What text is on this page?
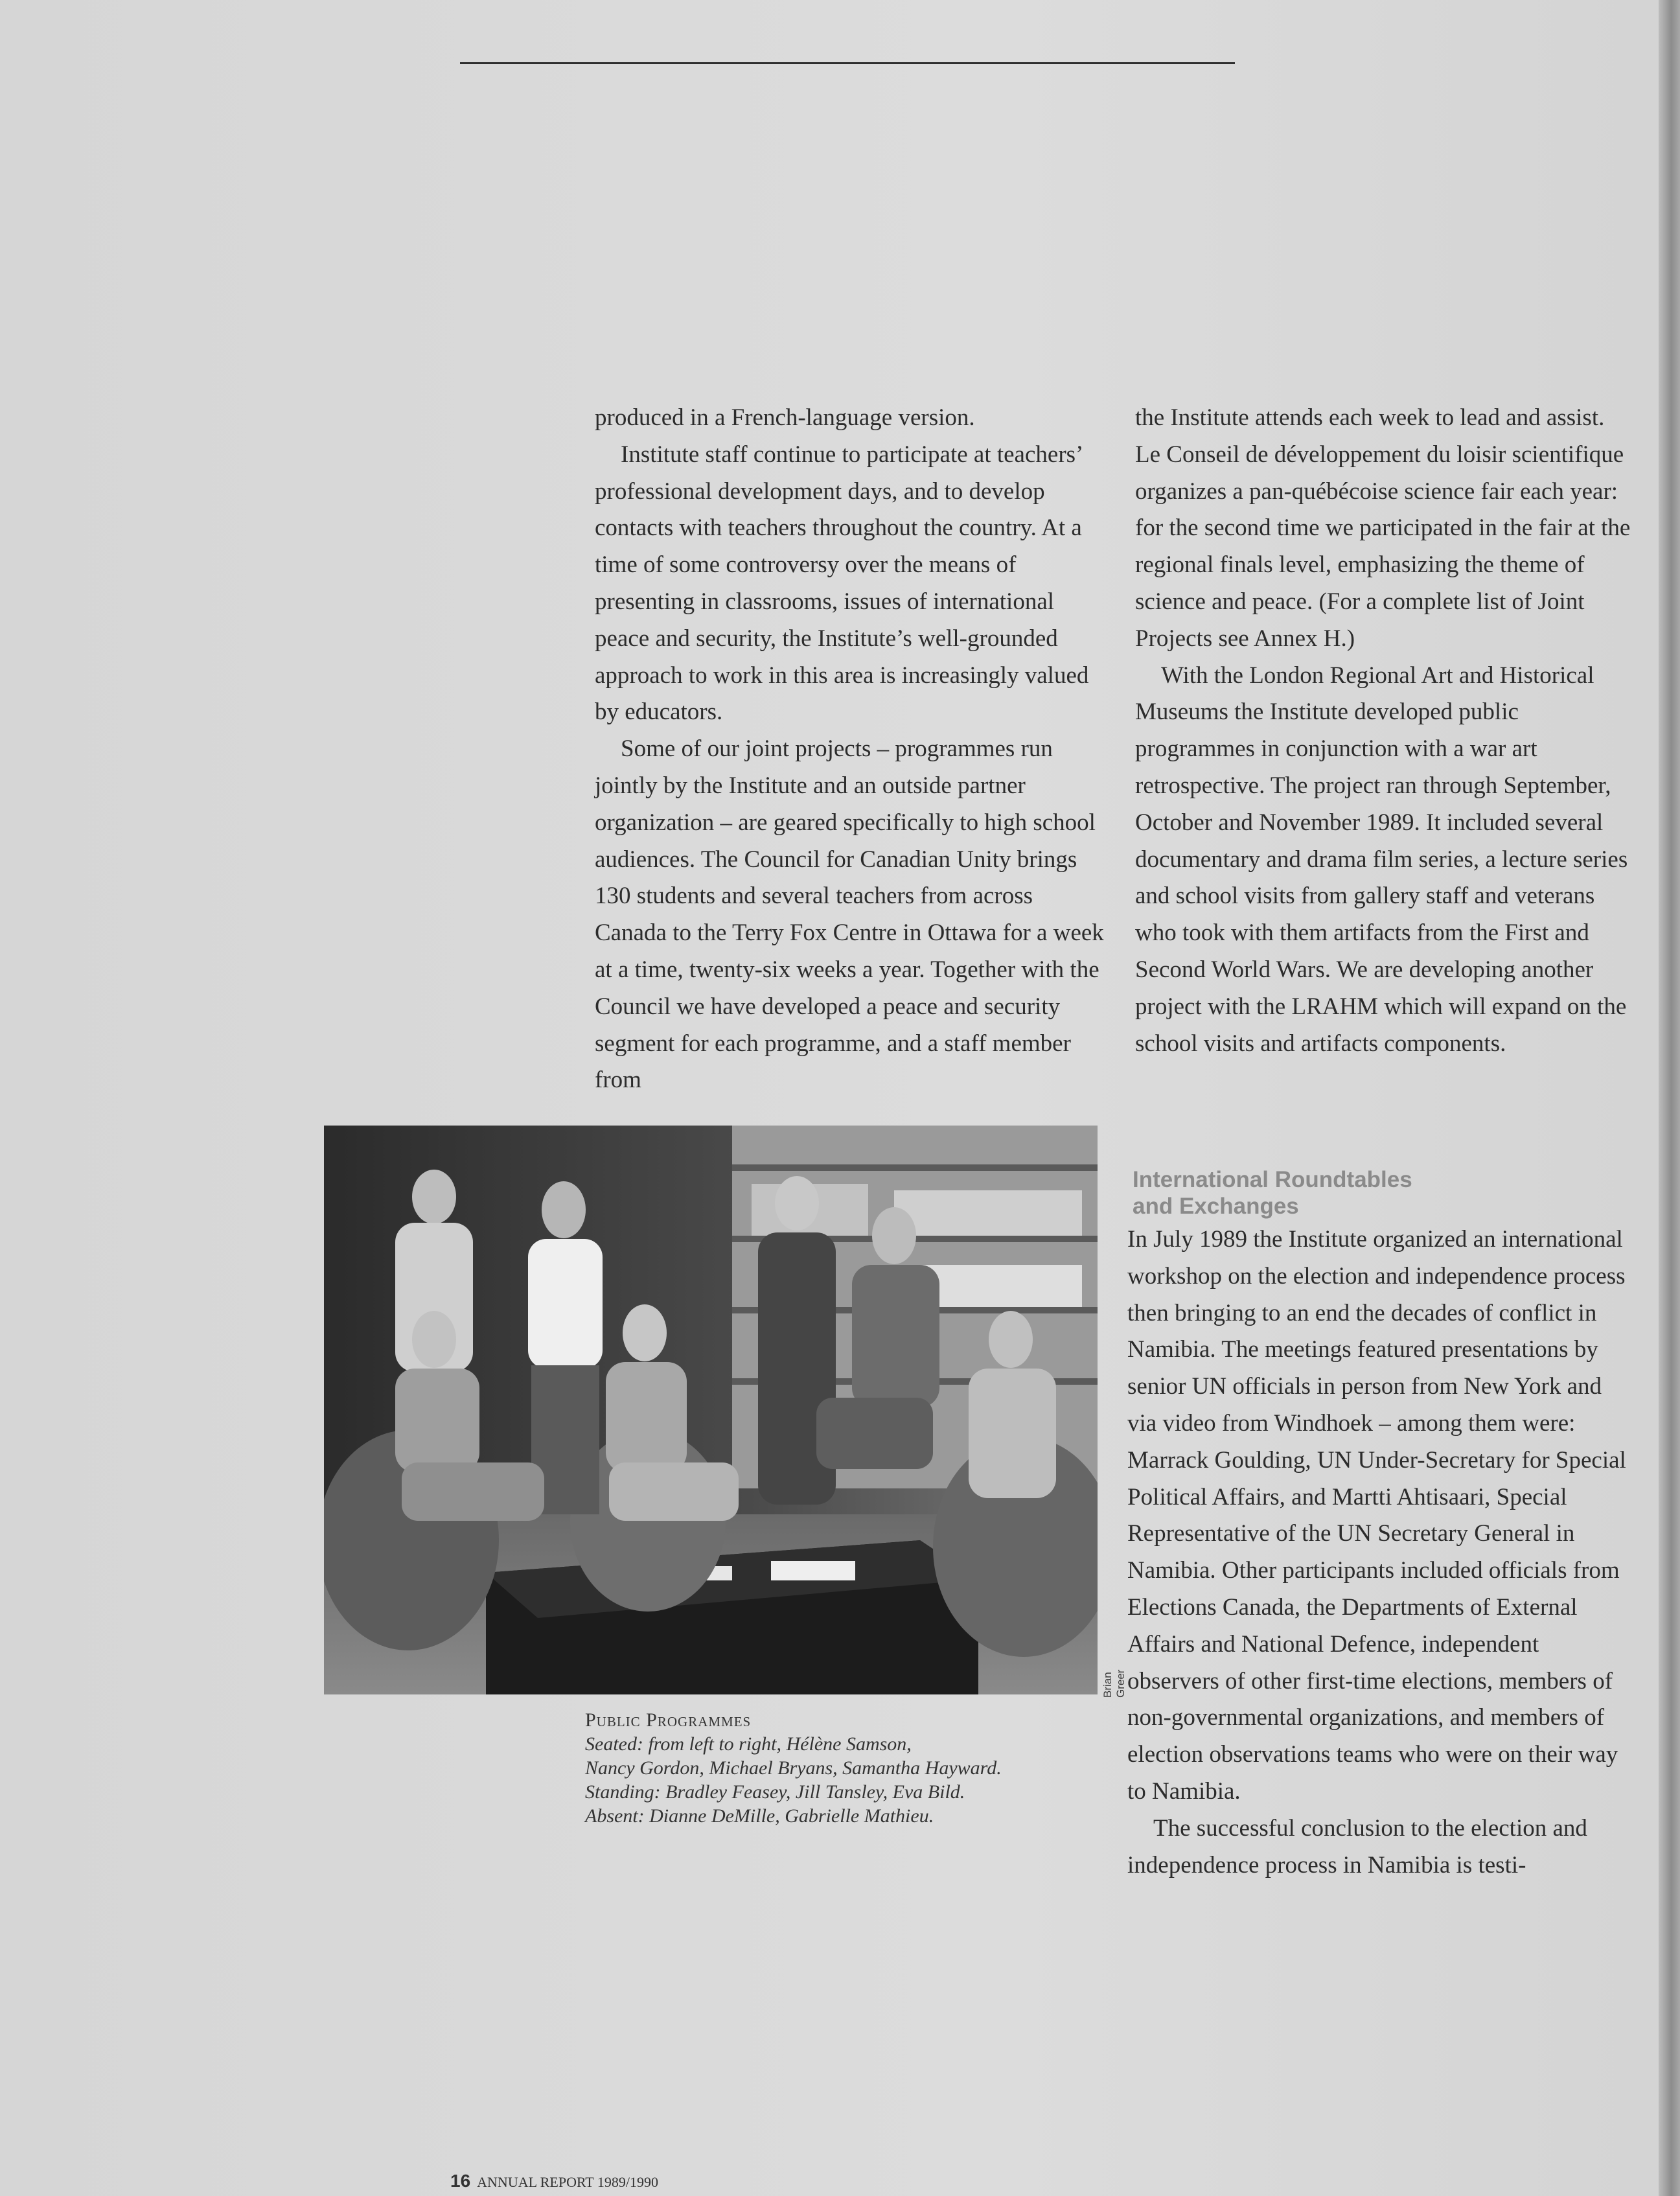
produced in a French-language version.

Institute staff continue to participate at teachers’ professional development days, and to develop contacts with teachers throughout the country. At a time of some controversy over the means of presenting in classrooms, issues of international peace and security, the Institute’s well-grounded approach to work in this area is increasingly valued by educators.

Some of our joint projects – programmes run jointly by the Institute and an outside partner organization – are geared specifically to high school audiences. The Council for Canadian Unity brings 130 students and several teachers from across Canada to the Terry Fox Centre in Ottawa for a week at a time, twenty-six weeks a year. Together with the Council we have developed a peace and security segment for each programme, and a staff member from

the Institute attends each week to lead and assist. Le Conseil de développement du loisir scientifique organizes a pan-québécoise science fair each year: for the second time we participated in the fair at the regional finals level, emphasizing the theme of science and peace. (For a complete list of Joint Projects see Annex H.)

With the London Regional Art and Historical Museums the Institute developed public programmes in conjunction with a war art retrospective. The project ran through September, October and November 1989. It included several documentary and drama film series, a lecture series and school visits from gallery staff and veterans who took with them artifacts from the First and Second World Wars. We are developing another project with the LRAHM which will expand on the school visits and artifacts components.

International Roundtables
and Exchanges

In July 1989 the Institute organized an international workshop on the election and independence process then bringing to an end the decades of conflict in Namibia. The meetings featured presentations by senior UN officials in person from New York and via video from Windhoek – among them were: Marrack Goulding, UN Under-Secretary for Special Political Affairs, and Martti Ahtisaari, Special Representative of the UN Secretary General in Namibia. Other participants included officials from Elections Canada, the Departments of External Affairs and National Defence, independent observers of other first-time elections, members of non-governmental organizations, and members of election observations teams who were on their way to Namibia.

The successful conclusion to the election and independence process in Namibia is testi-

Brian Greer
Public Programmes
Seated: from left to right, Hélène Samson,
Nancy Gordon, Michael Bryans, Samantha Hayward.
Standing: Bradley Feasey, Jill Tansley, Eva Bild.
Absent: Dianne DeMille, Gabrielle Mathieu.
16 ANNUAL REPORT 1989/1990
